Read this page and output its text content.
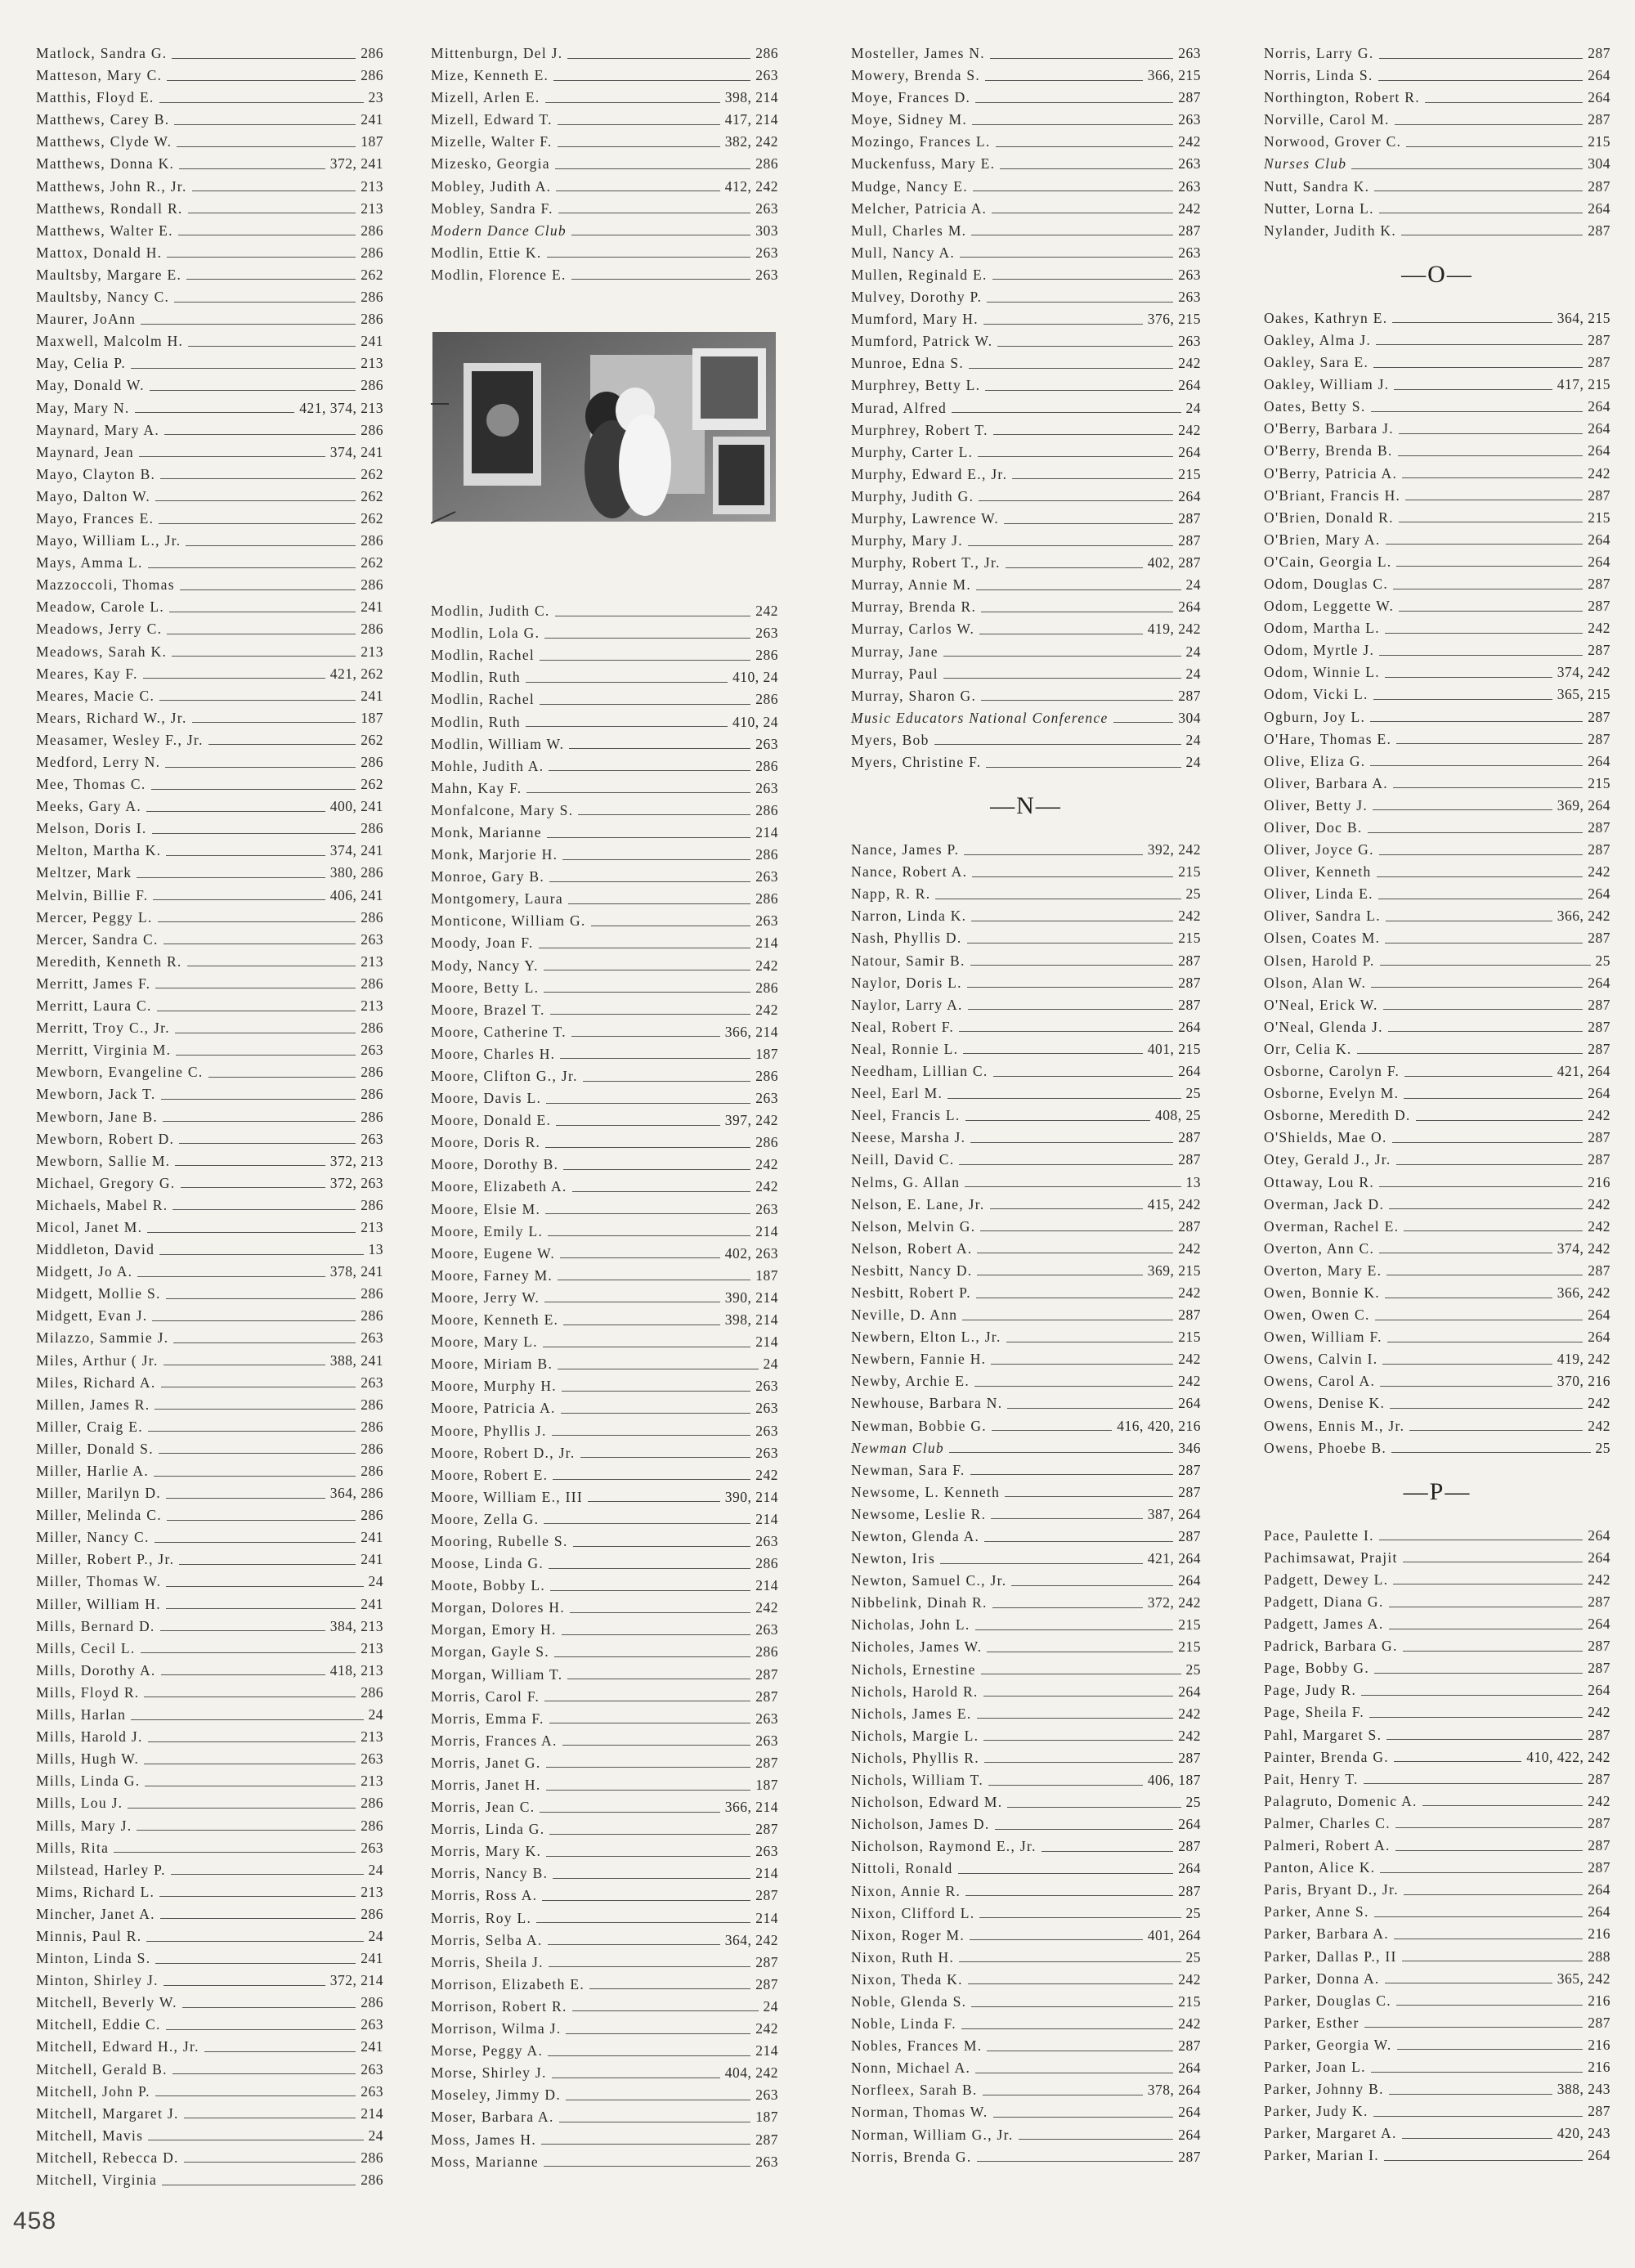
Matlock, Sandra G.	286
Matteson, Mary C.	286
Matthis, Floyd E.	23
Matthews, Carey B.	241
Matthews, Clyde W.	187
Matthews, Donna K.	372, 241
Matthews, John R., Jr.	213
Matthews, Rondall R.	213
Matthews, Walter E.	286
Mattox, Donald H.	286
Maultsby, Margare E.	262
Maultsby, Nancy C.	286
Maurer, JoAnn	286
Maxwell, Malcolm H.	241
May, Celia P.	213
May, Donald W.	286
May, Mary N.	421, 374, 213
Maynard, Mary A.	286
Maynard, Jean	374, 241
Mayo, Clayton B.	262
Mayo, Dalton W.	262
Mayo, Frances E.	262
Mayo, William L., Jr.	286
Mays, Amma L.	262
Mazzoccoli, Thomas	286
Meadow, Carole L.	241
Meadows, Jerry C.	286
Meadows, Sarah K.	213
Meares, Kay F.	421, 262
Meares, Macie C.	241
Mears, Richard W., Jr.	187
Measamer, Wesley F., Jr.	262
Medford, Lerry N.	286
Mee, Thomas C.	262
Meeks, Gary A.	400, 241
Melson, Doris I.	286
Melton, Martha K.	374, 241
Meltzer, Mark	380, 286
Melvin, Billie F.	406, 241
Mercer, Peggy L.	286
Mercer, Sandra C.	263
Meredith, Kenneth R.	213
Merritt, James F.	286
Merritt, Laura C.	213
Merritt, Troy C., Jr.	286
Merritt, Virginia M.	263
Mewborn, Evangeline C.	286
Mewborn, Jack T.	286
Mewborn, Jane B.	286
Mewborn, Robert D.	263
Mewborn, Sallie M.	372, 213
Michael, Gregory G.	372, 263
Michaels, Mabel R.	286
Micol, Janet M.	213
Middleton, David	13
Midgett, Jo A.	378, 241
Midgett, Mollie S.	286
Midgett, Evan J.	286
Milazzo, Sammie J.	263
Miles, Arthur ( Jr.	388, 241
Miles, Richard A.	263
Millen, James R.	286
Miller, Craig E.	286
Miller, Donald S.	286
Miller, Harlie A.	286
Miller, Marilyn D.	364, 286
Miller, Melinda C.	286
Miller, Nancy C.	241
Miller, Robert P., Jr.	241
Miller, Thomas W.	24
Miller, William H.	241
Mills, Bernard D.	384, 213
Mills, Cecil L.	213
Mills, Dorothy A.	418, 213
Mills, Floyd R.	286
Mills, Harlan	24
Mills, Harold J.	213
Mills, Hugh W.	263
Mills, Linda G.	213
Mills, Lou J.	286
Mills, Mary J.	286
Mills, Rita	263
Milstead, Harley P.	24
Mims, Richard L.	213
Mincher, Janet A.	286
Minnis, Paul R.	24
Minton, Linda S.	241
Minton, Shirley J.	372, 214
Mitchell, Beverly W.	286
Mitchell, Eddie C.	263
Mitchell, Edward H., Jr.	241
Mitchell, Gerald B.	263
Mitchell, John P.	263
Mitchell, Margaret J.	214
Mitchell, Mavis	24
Mitchell, Rebecca D.	286
Mitchell, Virginia	286
Mittenburgn, Del J.	286
Mize, Kenneth E.	263
Mizell, Arlen E.	398, 214
Mizell, Edward T.	417, 214
Mizelle, Walter F.	382, 242
Mizesko, Georgia	286
Mobley, Judith A.	412, 242
Mobley, Sandra F.	263
Modern Dance Club	303
Modlin, Ettie K.	263
Modlin, Florence E.	263
Modlin, Judith C.	242
Modlin, Lola G.	263
Modlin, Rachel	286
Modlin, Ruth	410, 24
Modlin, Rachel	286
Modlin, Ruth	410, 24
Modlin, William W.	263
Mohle, Judith A.	286
Mahn, Kay F.	263
Monfalcone, Mary S.	286
Monk, Marianne	214
Monk, Marjorie H.	286
Monroe, Gary B.	263
Montgomery, Laura	286
Monticone, William G.	263
Moody, Joan F.	214
Mody, Nancy Y.	242
Moore, Betty L.	286
Moore, Brazel T.	242
Moore, Catherine T.	366, 214
Moore, Charles H.	187
Moore, Clifton G., Jr.	286
Moore, Davis L.	263
Moore, Donald E.	397, 242
Moore, Doris R.	286
Moore, Dorothy B.	242
Moore, Elizabeth A.	242
Moore, Elsie M.	263
Moore, Emily L.	214
Moore, Eugene W.	402, 263
Moore, Farney M.	187
Moore, Jerry W.	390, 214
Moore, Kenneth E.	398, 214
Moore, Mary L.	214
Moore, Miriam B.	24
Moore, Murphy H.	263
Moore, Patricia A.	263
Moore, Phyllis J.	263
Moore, Robert D., Jr.	263
Moore, Robert E.	242
Moore, William E., III	390, 214
Moore, Zella G.	214
Mooring, Rubelle S.	263
Moose, Linda G.	286
Moote, Bobby L.	214
Morgan, Dolores H.	242
Morgan, Emory H.	263
Morgan, Gayle S.	286
Morgan, William T.	287
Morris, Carol F.	287
Morris, Emma F.	263
Morris, Frances A.	263
Morris, Janet G.	287
Morris, Janet H.	187
Morris, Jean C.	366, 214
Morris, Linda G.	287
Morris, Mary K.	263
Morris, Nancy B.	214
Morris, Ross A.	287
Morris, Roy L.	214
Morris, Selba A.	364, 242
Morris, Sheila J.	287
Morrison, Elizabeth E.	287
Morrison, Robert R.	24
Morrison, Wilma J.	242
Morse, Peggy A.	214
Morse, Shirley J.	404, 242
Moseley, Jimmy D.	263
Moser, Barbara A.	187
Moss, James H.	287
Moss, Marianne	263
Mosteller, James N.	263
Mowery, Brenda S.	366, 215
Moye, Frances D.	287
Moye, Sidney M.	263
Mozingo, Frances L.	242
Muckenfuss, Mary E.	263
Mudge, Nancy E.	263
Melcher, Patricia A.	242
Mull, Charles M.	287
Mull, Nancy A.	263
Mullen, Reginald E.	263
Mulvey, Dorothy P.	263
Mumford, Mary H.	376, 215
Mumford, Patrick W.	263
Munroe, Edna S.	242
Murphrey, Betty L.	264
Murad, Alfred	24
Murphrey, Robert T.	242
Murphy, Carter L.	264
Murphy, Edward E., Jr.	215
Murphy, Judith G.	264
Murphy, Lawrence W.	287
Murphy, Mary J.	287
Murphy, Robert T., Jr.	402, 287
Murray, Annie M.	24
Murray, Brenda R.	264
Murray, Carlos W.	419, 242
Murray, Jane	24
Murray, Paul	24
Murray, Sharon G.	287
Music Educators National Conference	304
Myers, Bob	24
Myers, Christine F.	24
—N—
Nance, James P.	392, 242
Nance, Robert A.	215
Napp, R. R.	25
Narron, Linda K.	242
Nash, Phyllis D.	215
Natour, Samir B.	287
Naylor, Doris L.	287
Naylor, Larry A.	287
Neal, Robert F.	264
Neal, Ronnie L.	401, 215
Needham, Lillian C.	264
Neel, Earl M.	25
Neel, Francis L.	408, 25
Neese, Marsha J.	287
Neill, David C.	287
Nelms, G. Allan	13
Nelson, E. Lane, Jr.	415, 242
Nelson, Melvin G.	287
Nelson, Robert A.	242
Nesbitt, Nancy D.	369, 215
Nesbitt, Robert P.	242
Neville, D. Ann	287
Newbern, Elton L., Jr.	215
Newbern, Fannie H.	242
Newby, Archie E.	242
Newhouse, Barbara N.	264
Newman, Bobbie G.	416, 420, 216
Newman Club	346
Newman, Sara F.	287
Newsome, L. Kenneth	287
Newsome, Leslie R.	387, 264
Newton, Glenda A.	287
Newton, Iris	421, 264
Newton, Samuel C., Jr.	264
Nibbelink, Dinah R.	372, 242
Nicholas, John L.	215
Nicholes, James W.	215
Nichols, Ernestine	25
Nichols, Harold R.	264
Nichols, James E.	242
Nichols, Margie L.	242
Nichols, Phyllis R.	287
Nichols, William T.	406, 187
Nicholson, Edward M.	25
Nicholson, James D.	264
Nicholson, Raymond E., Jr.	287
Nittoli, Ronald	264
Nixon, Annie R.	287
Nixon, Clifford L.	25
Nixon, Roger M.	401, 264
Nixon, Ruth H.	25
Nixon, Theda K.	242
Noble, Glenda S.	215
Noble, Linda F.	242
Nobles, Frances M.	287
Nonn, Michael A.	264
Norfleex, Sarah B.	378, 264
Norman, Thomas W.	264
Norman, William G., Jr.	264
Norris, Brenda G.	287
Norris, Larry G.	287
Norris, Linda S.	264
Northington, Robert R.	264
Norville, Carol M.	287
Norwood, Grover C.	215
Nurses Club	304
Nutt, Sandra K.	287
Nutter, Lorna L.	264
Nylander, Judith K.	287
—O—
Oakes, Kathryn E.	364, 215
Oakley, Alma J.	287
Oakley, Sara E.	287
Oakley, William J.	417, 215
Oates, Betty S.	264
O'Berry, Barbara J.	264
O'Berry, Brenda B.	264
O'Berry, Patricia A.	242
O'Briant, Francis H.	287
O'Brien, Donald R.	215
O'Brien, Mary A.	264
O'Cain, Georgia L.	264
Odom, Douglas C.	287
Odom, Leggette W.	287
Odom, Martha L.	242
Odom, Myrtle J.	287
Odom, Winnie L.	374, 242
Odom, Vicki L.	365, 215
Ogburn, Joy L.	287
O'Hare, Thomas E.	287
Olive, Eliza G.	264
Oliver, Barbara A.	215
Oliver, Betty J.	369, 264
Oliver, Doc B.	287
Oliver, Joyce G.	287
Oliver, Kenneth	242
Oliver, Linda E.	264
Oliver, Sandra L.	366, 242
Olsen, Coates M.	287
Olsen, Harold P.	25
Olson, Alan W.	264
O'Neal, Erick W.	287
O'Neal, Glenda J.	287
Orr, Celia K.	287
Osborne, Carolyn F.	421, 264
Osborne, Evelyn M.	264
Osborne, Meredith D.	242
O'Shields, Mae O.	287
Otey, Gerald J., Jr.	287
Ottaway, Lou R.	216
Overman, Jack D.	242
Overman, Rachel E.	242
Overton, Ann C.	374, 242
Overton, Mary E.	287
Owen, Bonnie K.	366, 242
Owen, Owen C.	264
Owen, William F.	264
Owens, Calvin I.	419, 242
Owens, Carol A.	370, 216
Owens, Denise K.	242
Owens, Ennis M., Jr.	242
Owens, Phoebe B.	25
—P—
Pace, Paulette I.	264
Pachimsawat, Prajit	264
Padgett, Dewey L.	242
Padgett, Diana G.	287
Padgett, James A.	264
Padrick, Barbara G.	287
Page, Bobby G.	287
Page, Judy R.	264
Page, Sheila F.	242
Pahl, Margaret S.	287
Painter, Brenda G.	410, 422, 242
Pait, Henry T.	287
Palagruto, Domenic A.	242
Palmer, Charles C.	287
Palmeri, Robert A.	287
Panton, Alice K.	287
Paris, Bryant D., Jr.	264
Parker, Anne S.	264
Parker, Barbara A.	216
Parker, Dallas P., II	288
Parker, Donna A.	365, 242
Parker, Douglas C.	216
Parker, Esther	287
Parker, Georgia W.	216
Parker, Joan L.	216
Parker, Johnny B.	388, 243
Parker, Judy K.	287
Parker, Margaret A.	420, 243
Parker, Marian I.	264
458
